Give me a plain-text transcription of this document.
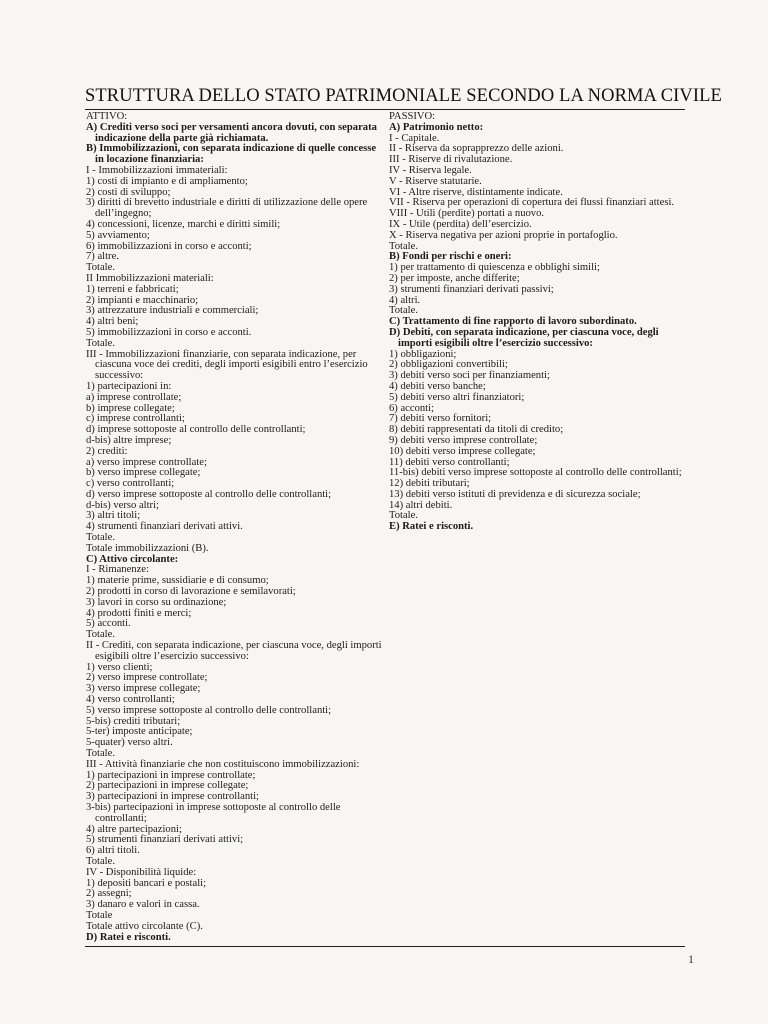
STRUTTURA DELLO STATO PATRIMONIALE SECONDO LA NORMA CIVILE
ATTIVO:
A) Crediti verso soci per versamenti ancora dovuti, con separata indicazione della parte già richiamata.
B) Immobilizzazioni, con separata indicazione di quelle concesse in locazione finanziaria:
I - Immobilizzazioni immateriali:
1) costi di impianto e di ampliamento;
2) costi di sviluppo;
3) diritti di brevetto industriale e diritti di utilizzazione delle opere dell’ingegno;
4) concessioni, licenze, marchi e diritti simili;
5) avviamento;
6) immobilizzazioni in corso e acconti;
7) altre.
Totale.
II Immobilizzazioni materiali:
1) terreni e fabbricati;
2) impianti e macchinario;
3) attrezzature industriali e commerciali;
4) altri beni;
5) immobilizzazioni in corso e acconti.
Totale.
III - Immobilizzazioni finanziarie, con separata indicazione, per ciascuna voce dei crediti, degli importi esigibili entro l’esercizio successivo:
1) partecipazioni in:
a) imprese controllate;
b) imprese collegate;
c) imprese controllanti;
d) imprese sottoposte al controllo delle controllanti;
d-bis) altre imprese;
2) crediti:
a) verso imprese controllate;
b) verso imprese collegate;
c) verso controllanti;
d) verso imprese sottoposte al controllo delle controllanti;
d-bis) verso altri;
3) altri titoli;
4) strumenti finanziari derivati attivi.
Totale.
Totale immobilizzazioni (B).
C) Attivo circolante:
I - Rimanenze:
1) materie prime, sussidiarie e di consumo;
2) prodotti in corso di lavorazione e semilavorati;
3) lavori in corso su ordinazione;
4) prodotti finiti e merci;
5) acconti.
Totale.
II - Crediti, con separata indicazione, per ciascuna voce, degli importi esigibili oltre l’esercizio successivo:
1) verso clienti;
2) verso imprese controllate;
3) verso imprese collegate;
4) verso controllanti;
5) verso imprese sottoposte al controllo delle controllanti;
5-bis) crediti tributari;
5-ter) imposte anticipate;
5-quater) verso altri.
Totale.
III - Attività finanziarie che non costituiscono immobilizzazioni:
1) partecipazioni in imprese controllate;
2) partecipazioni in imprese collegate;
3) partecipazioni in imprese controllanti;
3-bis) partecipazioni in imprese sottoposte al controllo delle controllanti;
4) altre partecipazioni;
5) strumenti finanziari derivati attivi;
6) altri titoli.
Totale.
IV - Disponibilità liquide:
1) depositi bancari e postali;
2) assegni;
3) danaro e valori in cassa.
Totale
Totale attivo circolante (C).
D) Ratei e risconti.
PASSIVO:
A) Patrimonio netto:
I - Capitale.
II - Riserva da soprapprezzo delle azioni.
III - Riserve di rivalutazione.
IV - Riserva legale.
V - Riserve statutarie.
VI - Altre riserve, distintamente indicate.
VII - Riserva per operazioni di copertura dei flussi finanziari attesi.
VIII - Utili (perdite) portati a nuovo.
IX - Utile (perdita) dell’esercizio.
X - Riserva negativa per azioni proprie in portafoglio.
Totale.
B) Fondi per rischi e oneri:
1) per trattamento di quiescenza e obblighi simili;
2) per imposte, anche differite;
3) strumenti finanziari derivati passivi;
4) altri.
Totale.
C) Trattamento di fine rapporto di lavoro subordinato.
D) Debiti, con separata indicazione, per ciascuna voce, degli importi esigibili oltre l’esercizio successivo:
1) obbligazioni;
2) obbligazioni convertibili;
3) debiti verso soci per finanziamenti;
4) debiti verso banche;
5) debiti verso altri finanziatori;
6) acconti;
7) debiti verso fornitori;
8) debiti rappresentati da titoli di credito;
9) debiti verso imprese controllate;
10) debiti verso imprese collegate;
11) debiti verso controllanti;
11-bis) debiti verso imprese sottoposte al controllo delle controllanti;
12) debiti tributari;
13) debiti verso istituti di previdenza e di sicurezza sociale;
14) altri debiti.
Totale.
E) Ratei e risconti.
1
